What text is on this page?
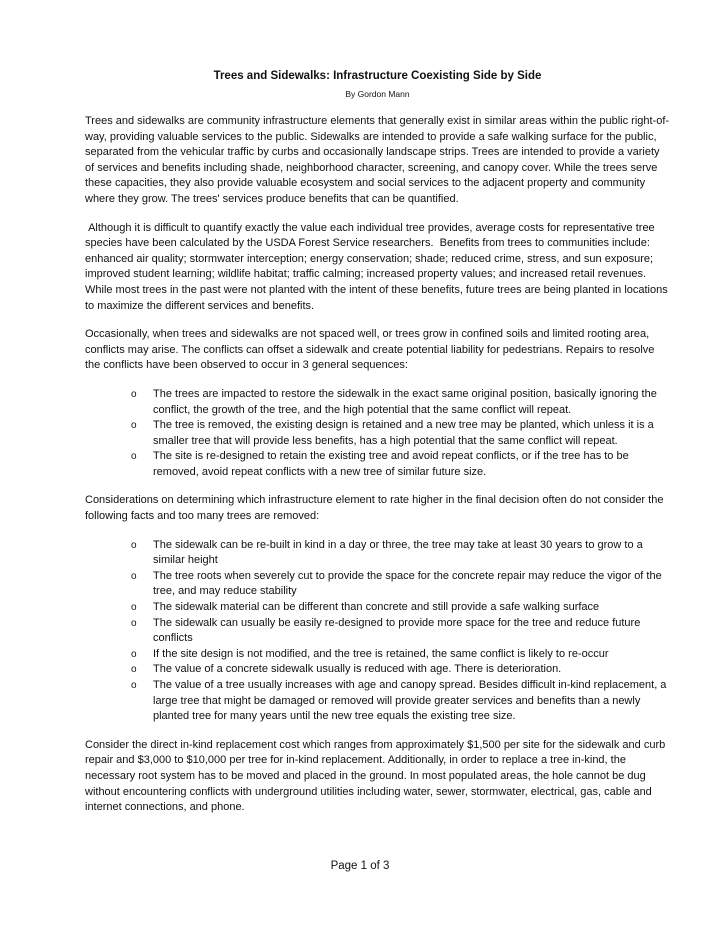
Trees and Sidewalks: Infrastructure Coexisting Side by Side
By Gordon Mann

Trees and sidewalks are community infrastructure elements that generally exist in similar areas within the public right-of-way, providing valuable services to the public. Sidewalks are intended to provide a safe walking surface for the public, separated from the vehicular traffic by curbs and occasionally landscape strips. Trees are intended to provide a variety of services and benefits including shade, neighborhood character, screening, and canopy cover. While the trees serve these capacities, they also provide valuable ecosystem and social services to the adjacent property and community where they grow. The trees' services produce benefits that can be quantified.

Although it is difficult to quantify exactly the value each individual tree provides, average costs for representative tree species have been calculated by the USDA Forest Service researchers.  Benefits from trees to communities include: enhanced air quality; stormwater interception; energy conservation; shade; reduced crime, stress, and sun exposure; improved student learning; wildlife habitat; traffic calming; increased property values; and increased retail revenues. While most trees in the past were not planted with the intent of these benefits, future trees are being planted in locations to maximize the different services and benefits.

Occasionally, when trees and sidewalks are not spaced well, or trees grow in confined soils and limited rooting area, conflicts may arise. The conflicts can offset a sidewalk and create potential liability for pedestrians. Repairs to resolve the conflicts have been observed to occur in 3 general sequences:

o The trees are impacted to restore the sidewalk in the exact same original position, basically ignoring the conflict, the growth of the tree, and the high potential that the same conflict will repeat.
o The tree is removed, the existing design is retained and a new tree may be planted, which unless it is a smaller tree that will provide less benefits, has a high potential that the same conflict will repeat.
o The site is re-designed to retain the existing tree and avoid repeat conflicts, or if the tree has to be removed, avoid repeat conflicts with a new tree of similar future size.

Considerations on determining which infrastructure element to rate higher in the final decision often do not consider the following facts and too many trees are removed:

o The sidewalk can be re-built in kind in a day or three, the tree may take at least 30 years to grow to a similar height
o The tree roots when severely cut to provide the space for the concrete repair may reduce the vigor of the tree, and may reduce stability
o The sidewalk material can be different than concrete and still provide a safe walking surface
o The sidewalk can usually be easily re-designed to provide more space for the tree and reduce future conflicts
o If the site design is not modified, and the tree is retained, the same conflict is likely to re-occur
o The value of a concrete sidewalk usually is reduced with age. There is deterioration.
o The value of a tree usually increases with age and canopy spread. Besides difficult in-kind replacement, a large tree that might be damaged or removed will provide greater services and benefits than a newly planted tree for many years until the new tree equals the existing tree size.

Consider the direct in-kind replacement cost which ranges from approximately $1,500 per site for the sidewalk and curb repair and $3,000 to $10,000 per tree for in-kind replacement. Additionally, in order to replace a tree in-kind, the necessary root system has to be moved and placed in the ground. In most populated areas, the hole cannot be dug without encountering conflicts with underground utilities including water, sewer, stormwater, electrical, gas, cable and internet connections, and phone.

Page 1 of 3
